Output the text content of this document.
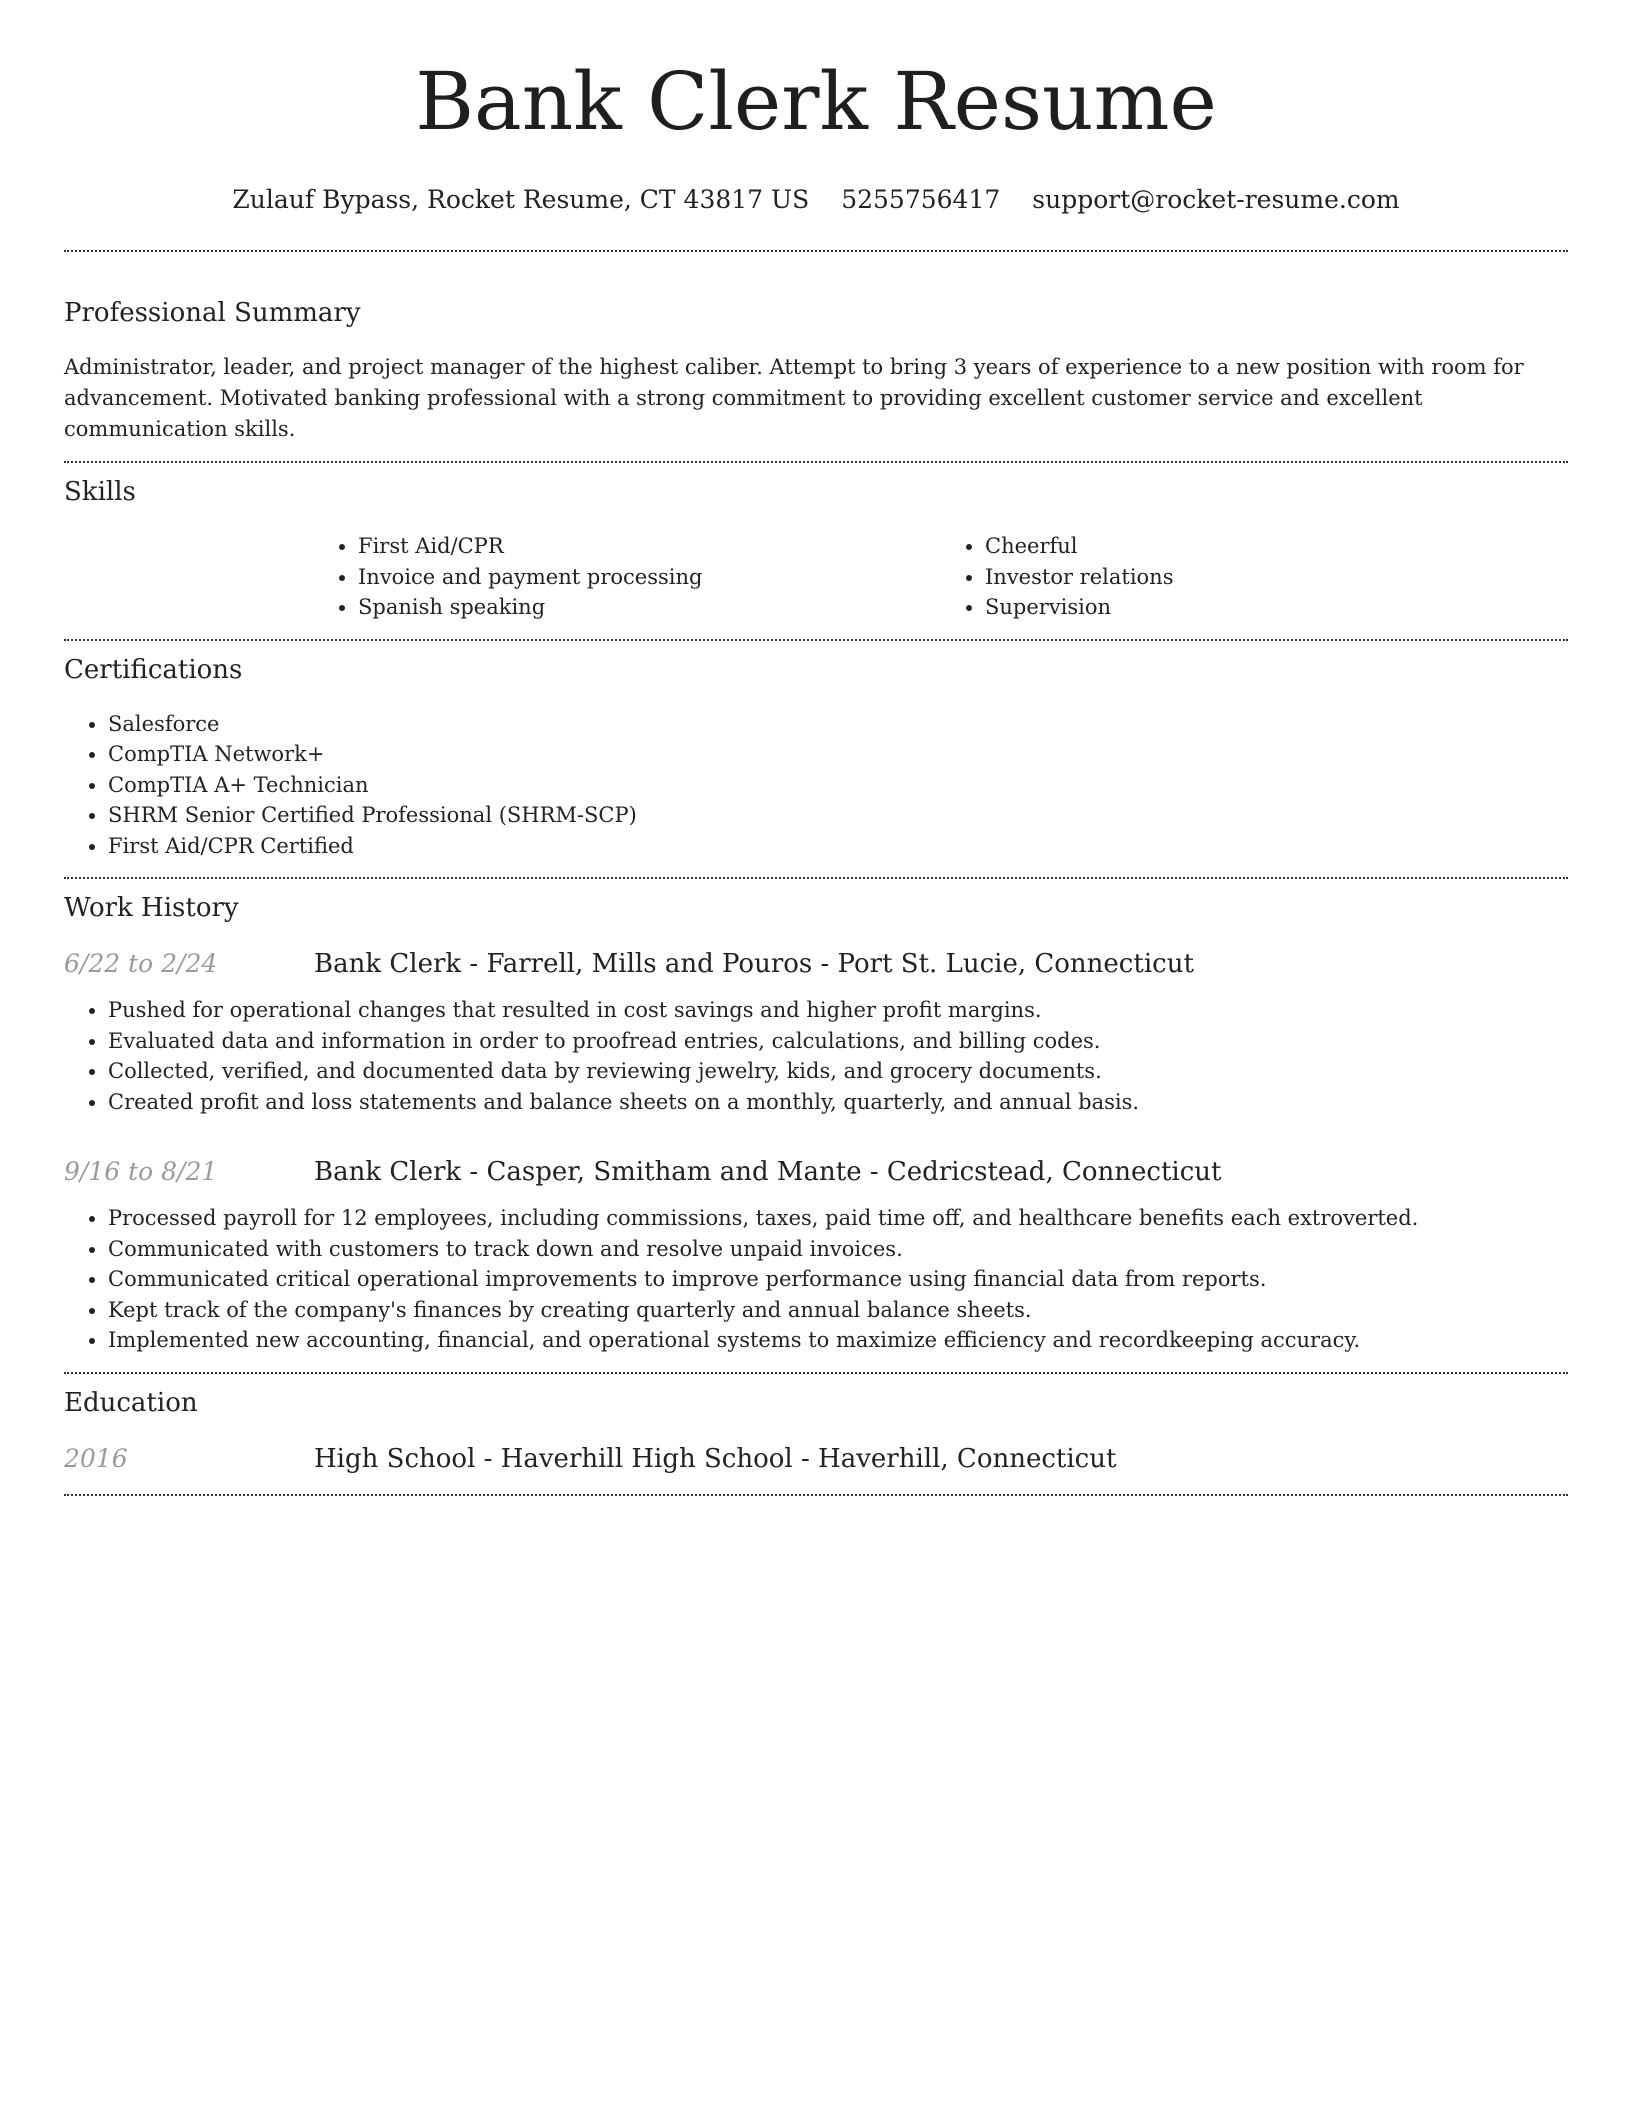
Bank Clerk Resume
Zulauf Bypass, Rocket Resume, CT 43817 US 5255756417 support@rocket-resume.com
Professional Summary

Administrator, leader, and project manager of the highest caliber. Attempt to bring 3 years of experience to a new position with room for advancement. Motivated banking professional with a strong commitment to providing excellent customer service and excellent communication skills.

Skills
• First Aid/CPR
• Invoice and payment processing
• Spanish speaking
• Cheerful
• Investor relations
• Supervision
Certifications
• Salesforce
• CompTIA Network+
• CompTIA A+ Technician
• SHRM Senior Certified Professional (SHRM-SCP)
• First Aid/CPR Certified
Work History
6/22 to 2/24	Bank Clerk - Farrell, Mills and Pouros - Port St. Lucie, Connecticut
• Pushed for operational changes that resulted in cost savings and higher profit margins.
• Evaluated data and information in order to proofread entries, calculations, and billing codes.
• Collected, verified, and documented data by reviewing jewelry, kids, and grocery documents.
• Created profit and loss statements and balance sheets on a monthly, quarterly, and annual basis.
9/16 to 8/21	Bank Clerk - Casper, Smitham and Mante - Cedricstead, Connecticut
• Processed payroll for 12 employees, including commissions, taxes, paid time off, and healthcare benefits each extroverted.
• Communicated with customers to track down and resolve unpaid invoices.
• Communicated critical operational improvements to improve performance using financial data from reports.
• Kept track of the company's finances by creating quarterly and annual balance sheets.
• Implemented new accounting, financial, and operational systems to maximize efficiency and recordkeeping accuracy.
Education
2016	High School - Haverhill High School - Haverhill, Connecticut
